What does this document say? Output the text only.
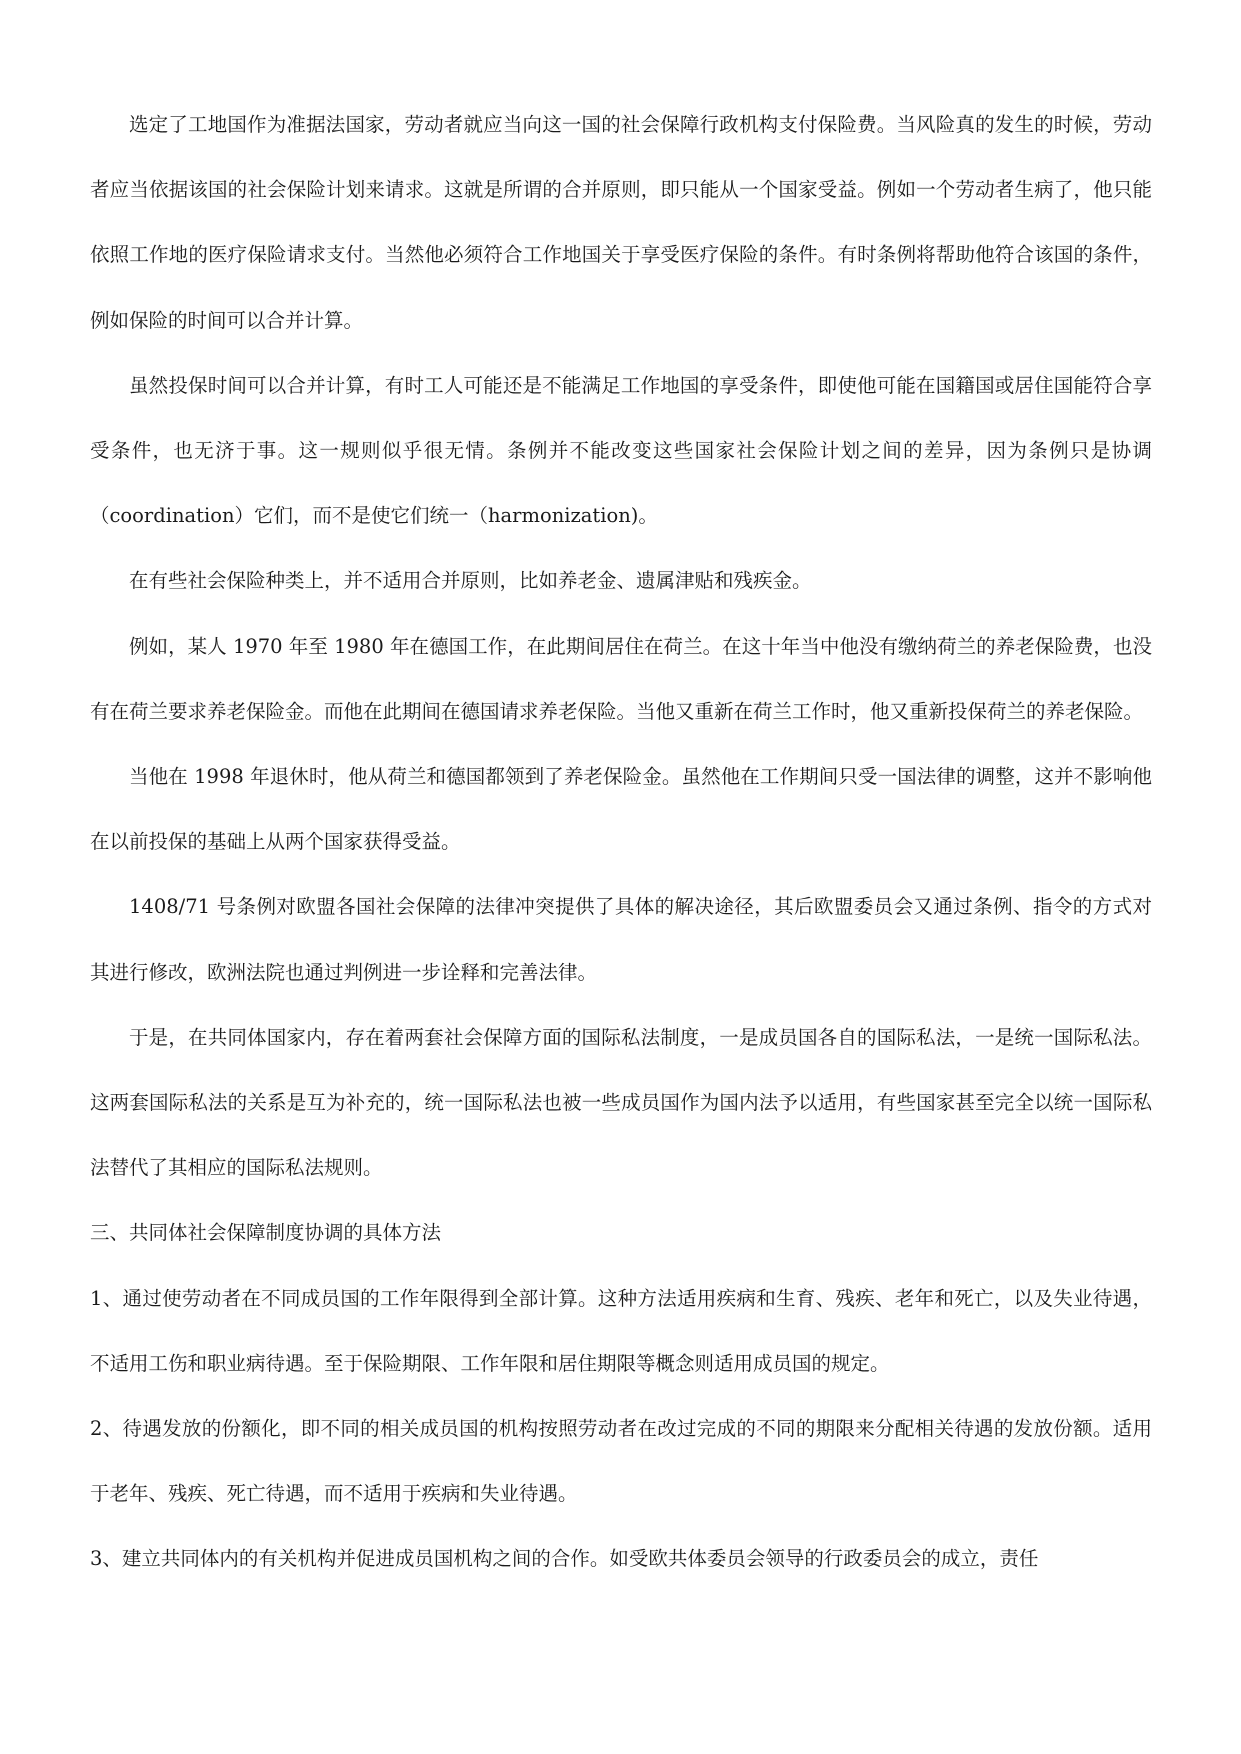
选定了工地国作为准据法国家，劳动者就应当向这一国的社会保障行政机构支付保险费。当风险真的发生的时候，劳动者应当依据该国的社会保险计划来请求。这就是所谓的合并原则，即只能从一个国家受益。例如一个劳动者生病了，他只能依照工作地的医疗保险请求支付。当然他必须符合工作地国关于享受医疗保险的条件。有时条例将帮助他符合该国的条件，例如保险的时间可以合并计算。

虽然投保时间可以合并计算，有时工人可能还是不能满足工作地国的享受条件，即使他可能在国籍国或居住国能符合享受条件，也无济于事。这一规则似乎很无情。条例并不能改变这些国家社会保险计划之间的差异，因为条例只是协调（coordination）它们，而不是使它们统一（harmonization)。

在有些社会保险种类上，并不适用合并原则，比如养老金、遗属津贴和残疾金。

例如，某人 1970 年至 1980 年在德国工作，在此期间居住在荷兰。在这十年当中他没有缴纳荷兰的养老保险费，也没有在荷兰要求养老保险金。而他在此期间在德国请求养老保险。当他又重新在荷兰工作时，他又重新投保荷兰的养老保险。

当他在 1998 年退休时，他从荷兰和德国都领到了养老保险金。虽然他在工作期间只受一国法律的调整，这并不影响他在以前投保的基础上从两个国家获得受益。

1408/71 号条例对欧盟各国社会保障的法律冲突提供了具体的解决途径，其后欧盟委员会又通过条例、指令的方式对其进行修改，欧洲法院也通过判例进一步诠释和完善法律。

于是，在共同体国家内，存在着两套社会保障方面的国际私法制度，一是成员国各自的国际私法，一是统一国际私法。这两套国际私法的关系是互为补充的，统一国际私法也被一些成员国作为国内法予以适用，有些国家甚至完全以统一国际私法替代了其相应的国际私法规则。

三、共同体社会保障制度协调的具体方法

1、通过使劳动者在不同成员国的工作年限得到全部计算。这种方法适用疾病和生育、残疾、老年和死亡，以及失业待遇，不适用工伤和职业病待遇。至于保险期限、工作年限和居住期限等概念则适用成员国的规定。

2、待遇发放的份额化，即不同的相关成员国的机构按照劳动者在改过完成的不同的期限来分配相关待遇的发放份额。适用于老年、残疾、死亡待遇，而不适用于疾病和失业待遇。

3、建立共同体内的有关机构并促进成员国机构之间的合作。如受欧共体委员会领导的行政委员会的成立，责任
